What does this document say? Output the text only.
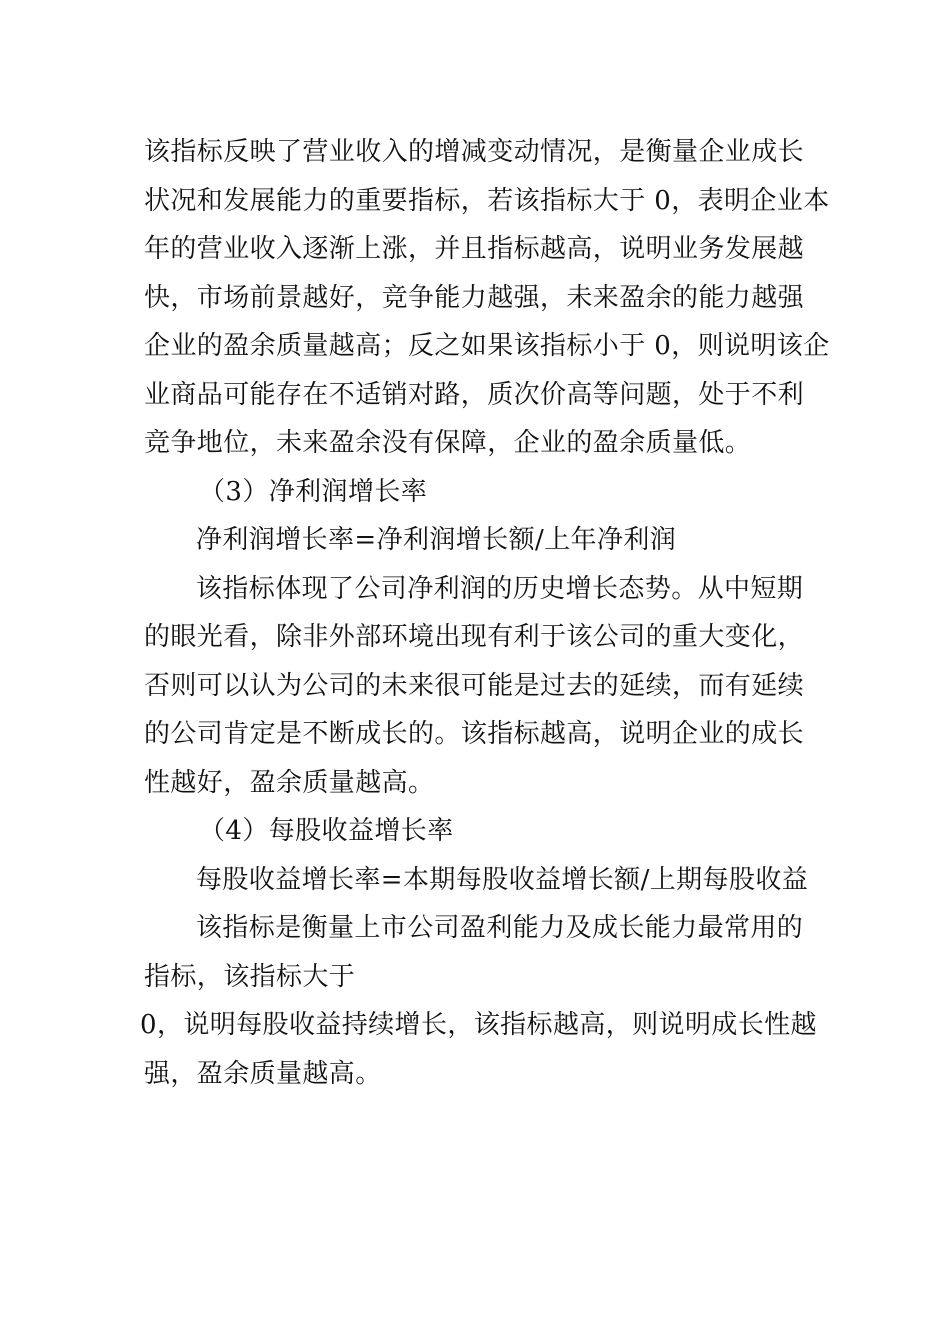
该指标反映了营业收入的增减变动情况，是衡量企业成长
状况和发展能力的重要指标，若该指标大于 0，表明企业本
年的营业收入逐渐上涨，并且指标越高，说明业务发展越
快，市场前景越好，竞争能力越强，未来盈余的能力越强
企业的盈余质量越高；反之如果该指标小于 0，则说明该企
业商品可能存在不适销对路，质次价高等问题，处于不利
竞争地位，未来盈余没有保障，企业的盈余质量低。
（3）净利润增长率
净利润增长率=净利润增长额/上年净利润
该指标体现了公司净利润的历史增长态势。从中短期
的眼光看，除非外部环境出现有利于该公司的重大变化，
否则可以认为公司的未来很可能是过去的延续，而有延续
的公司肯定是不断成长的。该指标越高，说明企业的成长
性越好，盈余质量越高。
（4）每股收益增长率
每股收益增长率=本期每股收益增长额/上期每股收益
该指标是衡量上市公司盈利能力及成长能力最常用的
指标，该指标大于
0，说明每股收益持续增长，该指标越高，则说明成长性越
强，盈余质量越高。
